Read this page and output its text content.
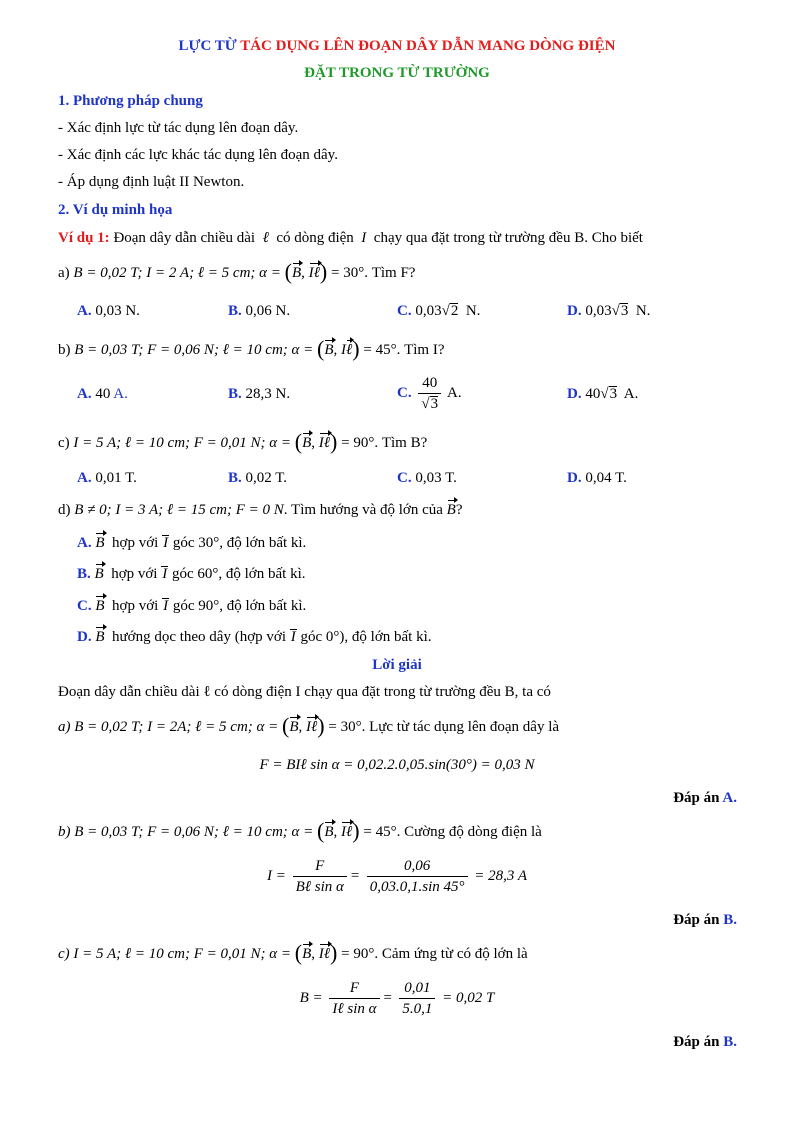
LỰC TỪ TÁC DỤNG LÊN ĐOẠN DÂY DẪN MANG DÒNG ĐIỆN
ĐẶT TRONG TỪ TRƯỜNG
1. Phương pháp chung
- Xác định lực từ tác dụng lên đoạn dây.
- Xác định các lực khác tác dụng lên đoạn dây.
- Áp dụng định luật II Newton.
2. Ví dụ minh họa
Ví dụ 1: Đoạn dây dẫn chiều dài  ℓ  có dòng điện  I  chạy qua đặt trong từ trường đều B. Cho biết
a) B = 0,02 T; I = 2 A; ℓ = 5 cm; α = (B, Iℓ) = 30°. Tìm F?
A. 0,03 N.	B. 0,06 N.	C. 0,03√2 N.	D. 0,03√3 N.
b) B = 0,03 T; F = 0,06 N; ℓ = 10 cm; α = (B, Iℓ) = 45°. Tìm I?
A. 40 A.	B. 28,3 N.	C. $\frac{40}{√3} A$.	D. 40√3 A.
c) I = 5 A; ℓ = 10 cm; F = 0,01 N; α = (B, Iℓ) = 90°. Tìm B?
A. 0,01 T.	B. 0,02 T.	C. 0,03 T.	D. 0,04 T.
d) B ≠ 0; I = 3 A; ℓ = 15 cm; F = 0 N. Tìm hướng và độ lớn của B?
A. B hợp với I góc 30°, độ lớn bất kì.
B. B hợp với I góc 60°, độ lớn bất kì.
C. B hợp với I góc 90°, độ lớn bất kì.
D. B hướng dọc theo dây (hợp với I góc 0°), độ lớn bất kì.
Lời giải
Đoạn dây dẫn chiều dài ℓ có dòng điện I chạy qua đặt trong từ trường đều B, ta có
a) B = 0,02 T; I = 2A; ℓ = 5 cm; α = (B, Iℓ) = 30°. Lực từ tác dụng lên đoạn dây là
F = BIℓ sin α = 0,02.2.0,05.sin(30°) = 0,03 N
Đáp án A.
b) B = 0,03 T; F = 0,06 N; ℓ = 10 cm; α = (B, Iℓ) = 45°. Cường độ dòng điện là
$I = \frac{F}{\text{Bℓ sin α}} = \frac{0,06}{0,03.0,1.\sin 45^\circ} = 28,3$ A
Đáp án B.
c) I = 5 A; ℓ = 10 cm; F = 0,01 N; α = (B, Iℓ) = 90°. Cảm ứng từ có độ lớn là
$B = \frac{F}{\text{Iℓ sin α}} = \frac{0,01}{5.0,1} = 0,02$ T
Đáp án B.
